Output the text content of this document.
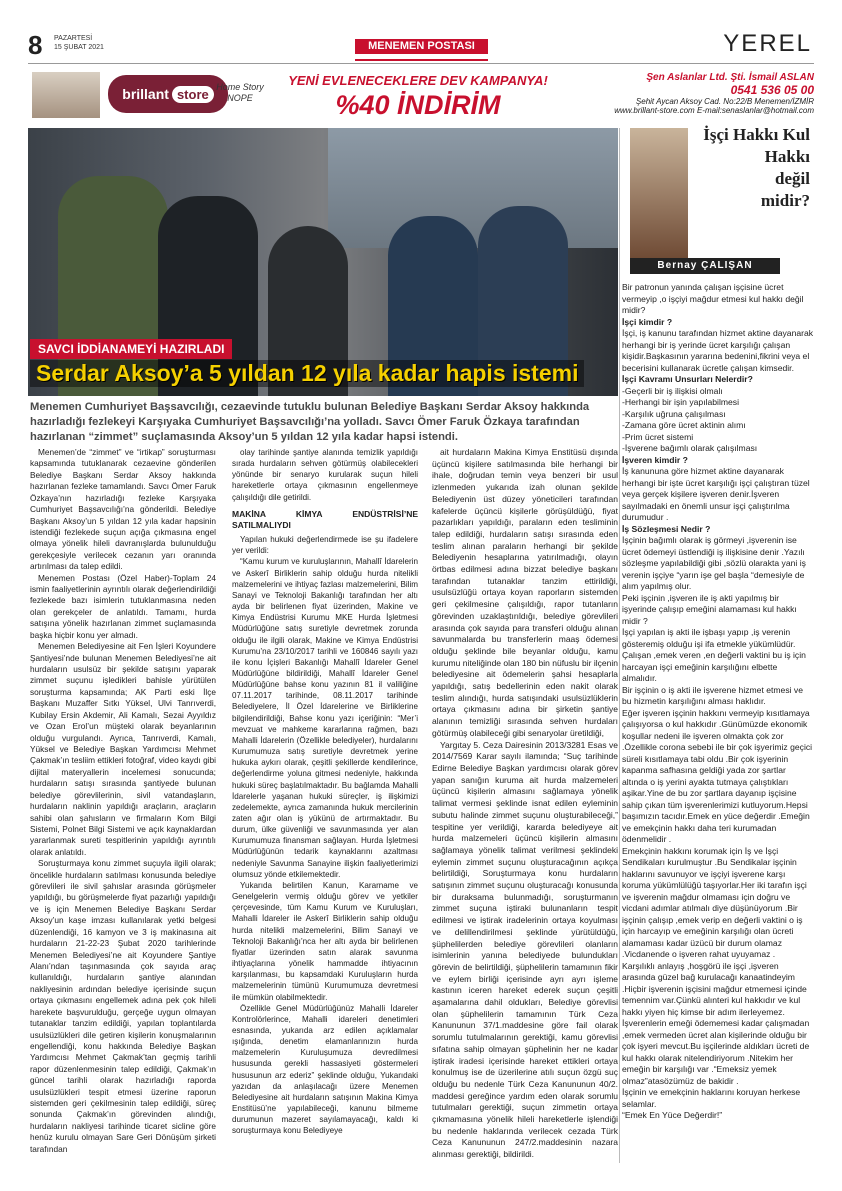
8 PAZARTESİ
15 ŞUBAT 2021	MENEMEN POSTASI	YEREL
brillant store Home Story
NOPE
YENİ EVLENECEKLERE DEV KAMPANYA!
%40 İNDİRİM
Şen Aslanlar Ltd. Şti. İsmail ASLAN
0541 536 05 00
Şehit Aycan Aksoy Cad. No:22/B Menemen/İZMİR
www.brillant-store.com E-mail:senaslanlar@hotmail.com
SAVCI İDDİANAMEYİ HAZIRLADI
Serdar Aksoy’a 5 yıldan 12 yıla kadar hapis istemi
Menemen Cumhuriyet Başsavcılığı, cezaevinde tutuklu bulunan Belediye Başkanı Serdar Aksoy hakkında hazırladığı fezlekeyi Karşıyaka Cumhuriyet Başsavcılığı’na yolladı. Savcı Ömer Faruk Özkaya tarafından hazırlanan “zimmet” suçlamasında Aksoy’un 5 yıldan 12 yıla kadar hapsi istendi.

Menemen’de “zimmet” ve “irtikap” soruşturması kapsamında tutuklanarak cezaevine gönderilen Belediye Başkanı Serdar Aksoy hakkında hazırlanan fezleke tamamlandı. Savcı Ömer Faruk Özkaya’nın hazırladığı fezleke Karşıyaka Cumhuriyet Başsavcılığı’na gönderildi. Belediye Başkanı Aksoy’un 5 yıldan 12 yıla kadar hapsinin istendiği fezlekede suçun açığa çıkmasına engel olmaya yönelik hileli davranışlarda bulunulduğu gerekçesiyle verilecek cezanın yarı oranında artırılması da talep edildi.

Menemen Postası (Özel Haber)-Toplam 24 ismin faaliyetlerinin ayrıntılı olarak değerlendirildiği fezlekede bazı isimlerin tutuklanmasına neden olan gerekçeler de anlatıldı. Tamamı, hurda satışına yönelik hazırlanan zimmet suçlamasında başka hiçbir konu yer almadı.

Menemen Belediyesine ait Fen İşleri Koyundere Şantiyesi’nde bulunan Menemen Belediyesi’ne ait hurdaların usulsüz bir şekilde satışını yaparak zimmet suçunu işledikleri bahisle yürütülen soruşturma kapsamında; AK Parti eski İlçe Başkanı Muzaffer Sıtkı Yüksel, Ulvi Tanrıverdi, Kubilay Ersin Akdemir, Ali Kamalı, Sezai Ayyıldız ve Ozan Erol’un müşteki olarak beyanlarının olduğu vurgulandı. Ayrıca, Tanrıverdi, Kamalı, Yüksel ve Belediye Başkan Yardımcısı Mehmet Çakmak’ın tesliim ettikleri fotoğraf, video kaydı gibi dijital materyallerin incelemesi sonucunda; hurdaların satışı sırasında şantiyede bulunan belediye görevlilerinin, sivil vatandaşların, hurdaların naklinin yapıldığı araçların, araçların sahibi olan şahısların ve firmaların Kom Bilgi Sistemi, Polnet Bilgi Sistemi ve açık kaynaklardan yararlanmak sureti tespitlerinin yapıldığı ayrıntılı olarak anlatıldı.

Soruşturmaya konu zimmet suçuyla ilgili olarak; öncelikle hurdaların satılması konusunda belediye görevlileri ile sivil şahıslar arasında görüşmeler yapıldığı, bu görüşmelerde fiyat pazarlığı yapıldığı ve iş için Menemen Belediye Başkanı Serdar Aksoy’un kaşe imzası kullanılarak yetki belgesi düzenlendiği, 16 kamyon ve 3 iş makinasına ait hurdaların 21-22-23 Şubat 2020 tarihlerinde Menemen Belediyesi’ne ait Koyundere Şantiye Alanı’ndan taşınmasında çok sayıda araç kullanıldığı, hurdaların şantiye alanından nakliyesinin ardından belediye içerisinde suçun ortaya çıkmasını engellemek adına pek çok hileli harekete başvurulduğu, gerçeğe uygun olmayan tutanaklar tanzim edildiği, yapılan toplantılarda usulsüzlükleri dile getiren kişilerin konuşmalarının engellendiği, konu hakkında Belediye Başkan Yardımcısı Mehmet Çakmak’tan geçmiş tarihli rapor düzenlenmesinin talep edildiği, Çakmak’ın güncel tarihli olarak hazırladığı raporda usulsüzlükleri tespit etmesi üzerine raporun sistemden geri çekilmesinin talep edildiği, süreç sonunda Çakmak’ın görevinden alındığı, hurdaların nakliyesi tarihinde ticaret sicline göre henüz kurulu olmayan Sare Geri Dönüşüm şirketi tarafından

olay tarihinde şantiye alanında temizlik yapıldığı sırada hurdaların sehven götürmüş olabilecekleri yönünde bir senaryo kurularak suçun hileli hareketlerle ortaya çıkmasının engellenmeye çalışıldığı dile getirildi.

MAKİNA KİMYA ENDÜSTRİSİ’NE SATILMALIYDI

Yapılan hukuki değerlendirmede ise şu ifadelere yer verildi:

“Kamu kurum ve kuruluşlarının, Mahallî İdarelerin ve Askerî Birliklerin sahip olduğu hurda nitelikli malzemelerini ve ihtiyaç fazlası malzemelerini, Bilim Sanayi ve Teknoloji Bakanlığı tarafından her altı ayda bir belirlenen fiyat üzerinden, Makine ve Kimya Endüstrisi Kurumu MKE Hurda İşletmesi Müdürlüğüne satış suretiyle devretmek zorunda olduğu ile ilgili olarak, Makine ve Kimya Endüstrisi Kurumu’na 23/10/2017 tarihli ve 160846 sayılı yazı ile konu İçişleri Bakanlığı Mahallî İdareler Genel Müdürlüğüne bildirildiği, Mahallî İdareler Genel Müdürlüğüne bahse konu yazının 81 il valiliğine 07.11.2017 tarihinde, 08.11.2017 tarihinde Belediyelere, İl Özel İdarelerine ve Birliklerine bilgilendirildiği, Bahse konu yazı içeriğinin: “Mer’i mevzuat ve mahkeme kararlarına rağmen, bazı Mahalli İdarelerin (Özellikle belediyeler), hurdalarını Kurumumuza satış suretiyle devretmek yerine hukuka aykırı olarak, çeşitli şekillerde kendilerince, değerlendirme yoluna gitmesi nedeniyle, hakkında hukuki süreç başlatılmaktadır. Bu bağlamda Mahalli İdarelerle yaşanan hukuki süreçler, iş ilişkimizi zedelemekte, ayrıca zamanında hukuk mercilerinin zaten ağır olan iş yükünü de artırmaktadır. Bu durum, ülke güvenliği ve savunmasında yer alan Kurumumuza finansman sağlayan. Hurda İşletmesi Müdürlüğünün tedarik kaynaklarını azaltması nedeniyle Savunma Sanayine ilişkin faaliyetlerimizi olumsuz yönde etkilemektedir.

Yukarıda belirtilen Kanun, Kararname ve Genelgelerin vermiş olduğu görev ve yetkiler çerçevesinde, tüm Kamu Kurum ve Kuruluşları, Mahalli İdareler ile Askerî Birliklerin sahip olduğu hurda nitelikli malzemelerini, Bilim Sanayi ve Teknoloji Bakanlığı’nca her altı ayda bir belirlenen fiyatlar üzerinden satın alarak savunma ihtiyaçlarına yönelik hammadde ihtiyacının karşılanması, bu kapsamdaki Kuruluşların hurda malzemelerinin tümünü Kurumumuza devretmesi ile mümkün olabilmektedir.

Özellikle Genel Müdürlüğünüz Mahalli İdareler Kontrolörlerince, Mahalli idareleri denetimleri esnasında, yukarıda arz edilen açıklamalar ışığında, denetim elamanlarınızın hurda malzemelerin Kurulușumuza devredilmesi hususunda gerekli hassasiyeti göstermeleri hususunun arz ederiz” şeklinde olduğu, Yukarıdaki yazıdan da anlaşılacağı üzere Menemen Belediyesine ait hurdaların satışının Makina Kimya Enstitüsü’ne yapılabileceği, kanunu bilmeme durumunun mazeret sayılamayacağı, kaldı ki soruşturmaya konu Belediyeye

ait hurdaların Makina Kimya Enstitüsü dışında üçüncü kişilere satılmasında bile herhangi bir ihale, doğrudan temin veya benzeri bir usul izlenmeden yukarıda izah olunan şekilde Belediyenin üst düzey yöneticileri tarafından kafelerde üçüncü kişilerle görüşüldüğü, fiyat pazarlıkları yapıldığı, paraların eden tesliminin talep edildiği, hurdaların satışı sırasında eden teslim alınan paraların herhangi bir şekilde Belediyenin hesaplarına yatırılmadığı, olayın örtbas edilmesi adına bizzat belediye başkanı tarafından tutanaklar tanzim ettirildiği, usulsüzlüğü ortaya koyan raporların sistemden geri çekilmesine çalışıldığı, rapor tutanların görevinden uzaklaştırıldığı, belediye görevlileri arasında çok sayıda para transferi olduğu alınan savunmalarda bu transferlerin maaş ödemesi olduğu şeklinde bile beyanlar olduğu, kamu kurumu niteliğinde olan 180 bin nüfuslu bir ilçenin belediyesine ait ödemelerin şahsi hesaplarla yapıldığı, satış bedellerinin eden nakit olarak teslim alındığı, hurda satışındaki usulsüzlüklerin ortaya çıkmasını adına bir şirketin şantiye alanının temizliği sırasında sehven hurdaları götürmüş olabileceği gibi senaryolar üretildiği,

Yargıtay 5. Ceza Dairesinin 2013/3281 Esas ve 2014/7569 Karar sayılı ilamında; “Suç tarihinde Edirne Belediye Başkan yardımcısı olarak görev yapan sanığın kuruma ait hurda malzemeleri üçüncü kişilerin almasını sağlamaya yönelik talimat vermesi şeklinde isnat edilen eyleminin subutu halinde zimmet suçunu oluşturabileceği,” tespitine yer verildiği, kararda belediyeye ait hurda malzemeleri üçüncü kişilerin almasını sağlamaya yönelik talimat verilmesi şeklindeki eylemin zimmet suçunu oluşturacağının açıkça belirtildiği, Soruşturmaya konu hurdaların satışının zimmet suçunu oluşturacağı konusunda bir duraksama bulunmadığı, soruşturmanın zimmet suçuna iştiraki bulunanların tespit edilmesi ve iştirak iradelerinin ortaya koyulması ve delillendirilmesi şeklinde yürütüldüğü, şüphelilerden belediye görevlileri olanların isimlerinin yanına belediyede bulundukları görevin de belirtildiği, şüphelilerin tamamının fikir ve eylem birliği içerisinde ayrı ayrı işleme kastının iceren hareket ederek suçun çeşitli aşamalarına dahil oldukları, Belediye görevlisi olan şüphelilerin tamamının Türk Ceza Kanununun 37/1.maddesine göre fail olarak sorumlu tutulmalarının gerektiği, kamu görevlisi sıfatına sahip olmayan şüphelinin her ne kadar iştirak iradesi içerisinde hareket ettikleri ortaya konulmuş ise de üzerilerine atılı suçun özgü suç olduğu bu nedenle Türk Ceza Kanununun 40/2. maddesi gereğince yardım eden olarak sorumlu tutulmaları gerektiği, suçun zimmetin ortaya çıkmamasına yönelik hileli hareketlerle işlendiği bu nedenle haklarında verilecek cezada Türk Ceza Kanununun 247/2.maddesinin nazara alınması gerektiği, bildirildi.

İşçi Hakkı Kul
Hakkı
değil
midir?
Bernay ÇALIŞAN
Bir patronun yanında çalışan işçisine ücret vermeyip ,o işçiyi mağdur etmesi kul hakkı değil midir?
İşçi kimdir ?
İşçi, iş kanunu tarafından hizmet aktine dayanarak herhangi bir iş yerinde ücret karşılığı çalışan kişidir.Başkasının yararına bedenini,fikrini veya el becerisini kullanarak ücretle çalışan kimsedir.
İşçi Kavramı Unsurları Nelerdir?
-Geçerli bir iş ilişkisi olmalı
-Herhangi bir işin yapılabilmesi
-Karşılık uğruna çalışılması
-Zamana göre ücret aktinin alımı
-Prim ücret sistemi
-İşverene bağımlı olarak çalışılması
İşveren kimdir ?
İş kanununa göre hizmet aktine dayanarak herhangi bir işte ücret karşılığı işçi çalıştıran tüzel veya gerçek kişilere işveren denir.İşveren sayılmadaki en önemli unsur işçi çalıştırılma durumudur .
İş Sözleşmesi Nedir ?
İşçinin bağımlı olarak iş görmeyi ,işverenin ise ücret ödemeyi üstlendiği iş ilişkisine denir .Yazılı sözleşme yapılabildiği gibi ,sözlü olarakta yani iş verenin işçiye “yarın işe gel başla “demesiyle de alım yapılmış olur.
Peki işçinin ,işveren ile iş akti yapılmış bir işyerinde çalışıp emeğini alamaması kul hakkı midir ?
İşçi yapılan iş akti ile işbaşı yapıp ,iş verenin gösteremiş olduğu işi ifa etmekle yükümlüdür. Çalışan ,emek veren ,en değerli vaktini bu iş için harcayan işçi emeğinin karşılığını elbette almalıdır.
Bir işçinin o iş akti ile işverene hizmet etmesi ve bu hizmetin karşılığını alması haklıdır.
Eğer işveren işçinin hakkını vermeyip kısıtlamaya çalışıyorsa o kul hakkıdır .Günümüzde ekonomik koşullar nedeni ile işveren olmakta çok zor .Özellikle corona sebebi ile bir çok işyerimiz geçici süreli kısıtlamaya tabi oldu .Bir çok işyerinin kapanma safhasına geldiği yada zor şartlar altında o iş yerini ayakta tutmaya çalıştıkları aşikar.Yine de bu zor şartlara dayanıp işçisine sahip çıkan tüm işverenlerimizi kutluyorum.Hepsi başımızın tacıdır.Emek en yüce değerdir .Emeğin ve emekçinin hakkı daha teri kurumadan ödenmelidir .
Emekçinin hakkını korumak için İş ve İşçi Sendikaları kurulmuştur .Bu Sendikalar işçinin haklarını savunuyor ve işçiyi işverene karşı koruma yükümlülüğü taşıyorlar.Her iki tarafın işçi ve işverenin mağdur olmaması için doğru ve vicdani adımlar atılmalı diye düşünüyorum .Bir işçinin çalışıp ,emek verip en değerli vaktini o iş için harcayıp ve emeğinin karşılığı olan ücreti alamaması kadar üzücü bir durum olamaz .Vicdanende o işveren rahat uyuyamaz .
Karşılıklı anlayış ,hoşgörü ile işçi ,işveren arasında güzel bağ kurulacağı kanaatindeyim .Hiçbir işverenin işçisini mağdur etmemesi içinde temennim var.Çünkü alınteri kul hakkıdır ve kul hakkı yiyen hiç kimse bir adım ilerleyemez.
İşverenlerin emeği ödememesi kadar çalışmadan ,emek vermeden ücret alan kişilerinde olduğu bir çok işyeri mevcut.Bu işçilerinde aldıkları ücreti de kul hakkı olarak nitelendiriyorum .Nitekim her emeğin bir karşılığı var .“Emeksiz yemek olmaz”atasözümüz de bakidir .
İşçinin ve emekçinin haklarını koruyan herkese selamlar.
“Emek En Yüce Değerdir!”
